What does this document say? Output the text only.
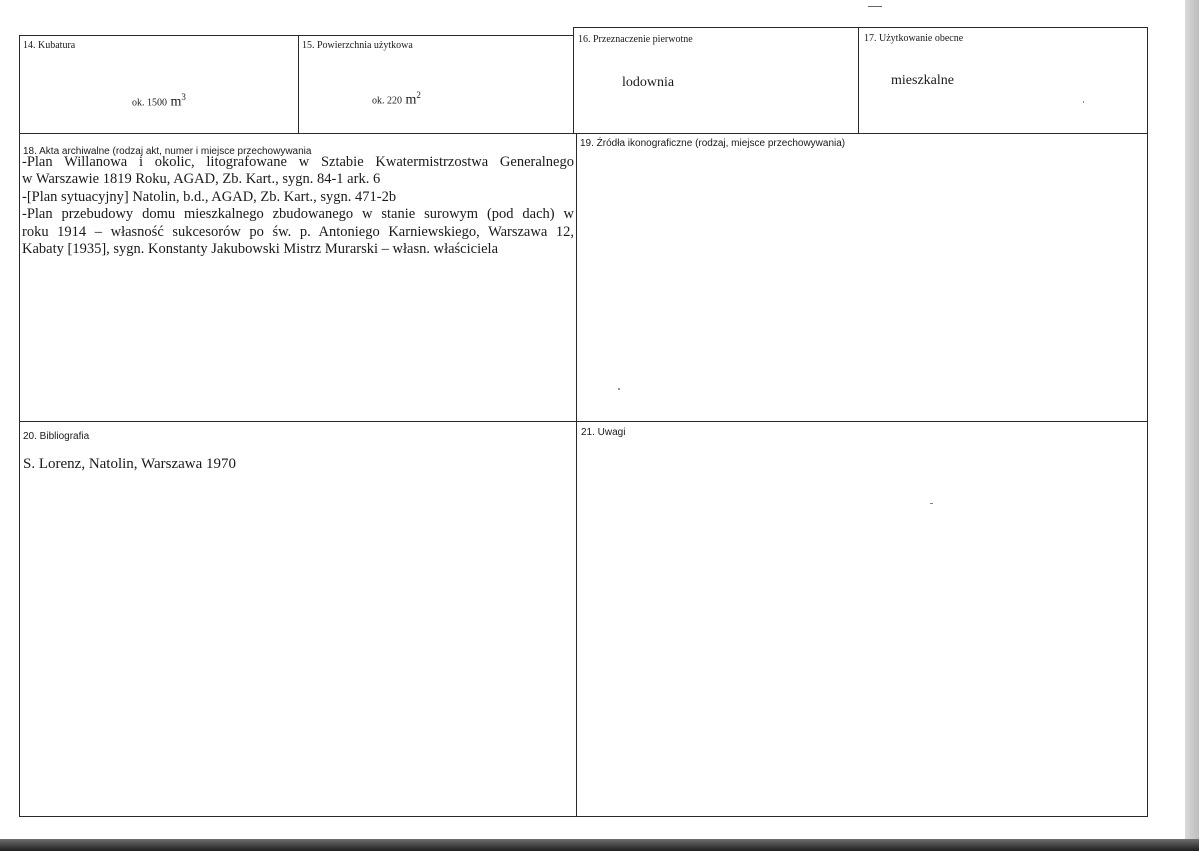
14. Kubatura
ok. 1500 $m^3$
15. Powierzchnia użytkowa
ok. 220 $m^2$
16. Przeznaczenie pierwotne
lodownia
17. Użytkowanie obecne
mieszkalne
18. Akta archiwalne (rodzaj akt, numer i miejsce przechowywania
-Plan Willanowa i okolic, litografowane w Sztabie Kwatermistrzostwa Generalnego
w Warszawie 1819 Roku, AGAD, Zb. Kart., sygn. 84-1 ark. 6
-[Plan sytuacyjny] Natolin, b.d., AGAD, Zb. Kart., sygn. 471-2b
-Plan przebudowy domu mieszkalnego zbudowanego w stanie surowym (pod dach) w
roku 1914 – własność sukcesorów po św. p. Antoniego Karniewskiego, Warszawa 12,
Kabaty [1935], sygn. Konstanty Jakubowski Mistrz Murarski – własn. właściciela
19. Źródła ikonograficzne (rodzaj, miejsce przechowywania)
20. Bibliografia
S. Lorenz, Natolin, Warszawa 1970
21. Uwagi
